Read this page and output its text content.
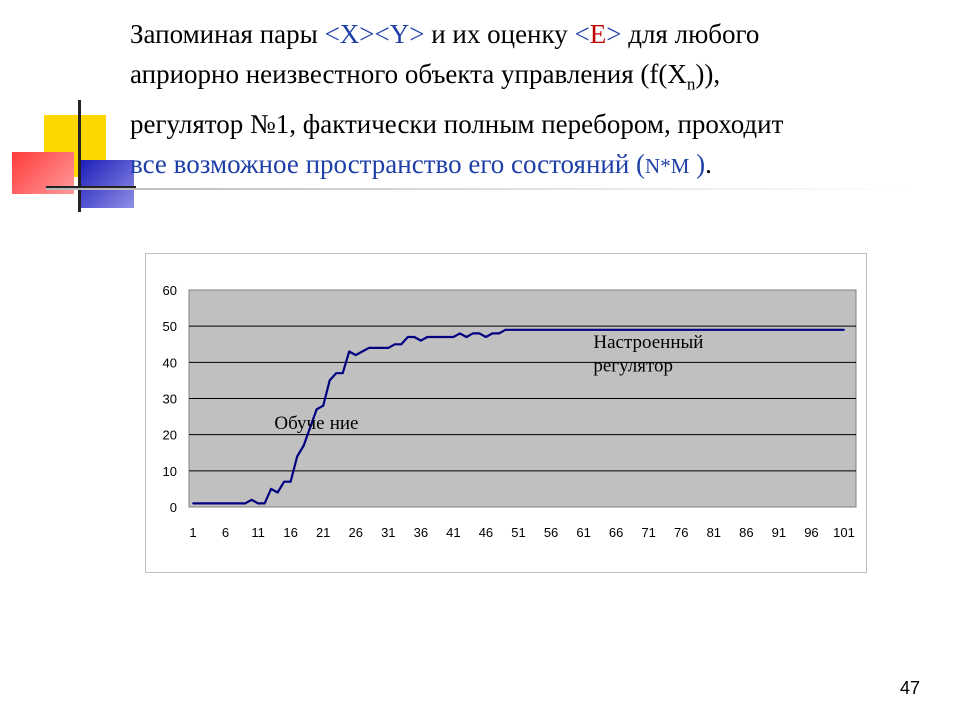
Запоминая пары <X><Y> и их оценку <E> для любого
априорно неизвестного объекта управления $(f(X_n))$,
регулятор №1, фактически полным перебором, проходит
все возможное пространство его состояний (N*M ).
0
10
20
30
40
50
60
1 6 11 16 21 26 31 36 41 46 51 56 61 66 71 76 81 86 91 96 101
Обуче ние
Настроенный
регулятор
47
